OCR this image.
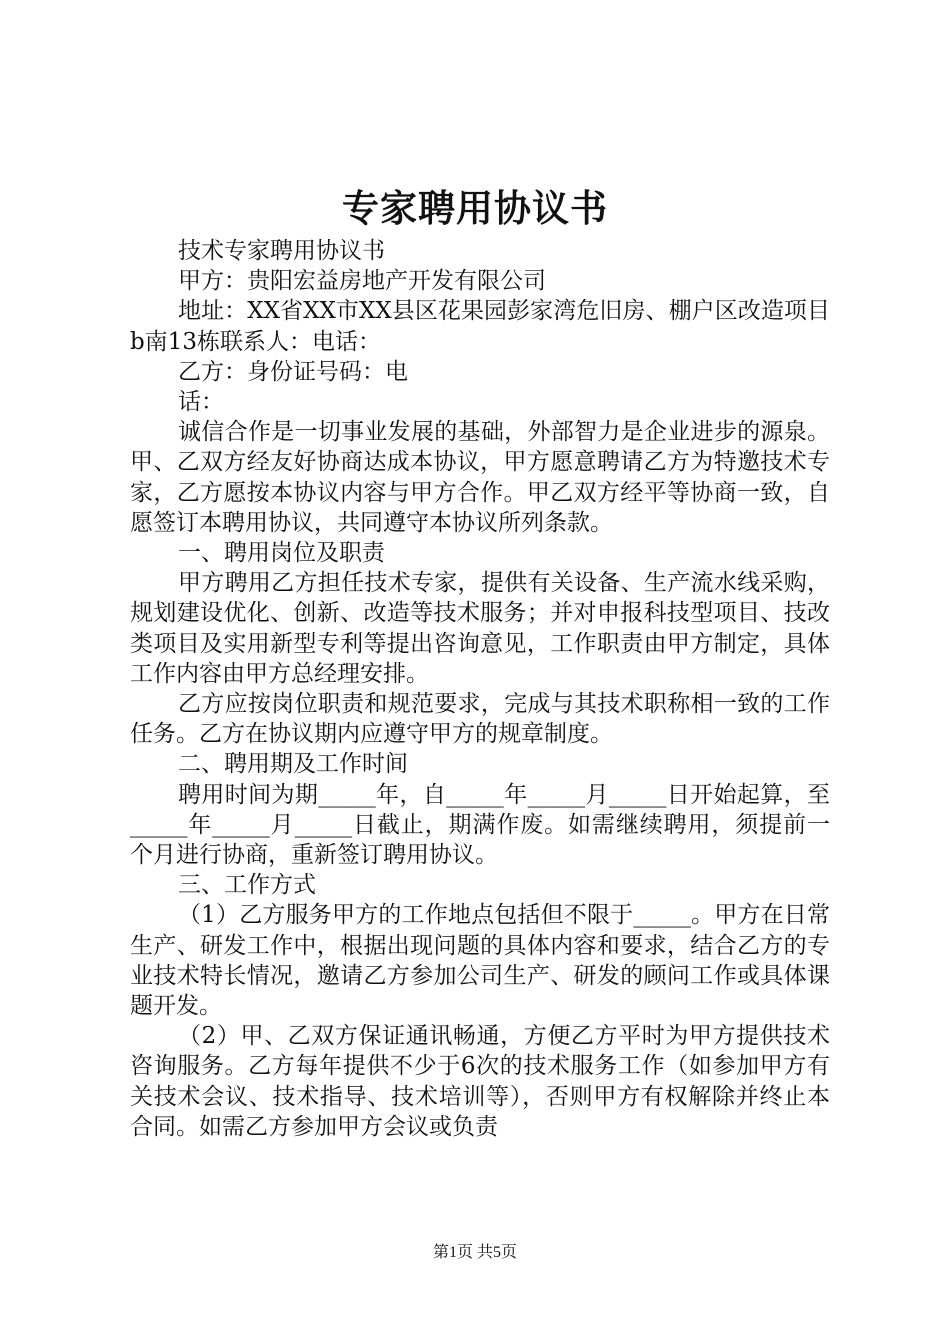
专家聘用协议书

技术专家聘用协议书

甲方：贵阳宏益房地产开发有限公司

地址：XX省XX市XX县区花果园彭家湾危旧房、棚户区改造项目b南13栋联系人：电话：

乙方：身份证号码：电

话：

诚信合作是一切事业发展的基础，外部智力是企业进步的源泉。甲、乙双方经友好协商达成本协议，甲方愿意聘请乙方为特邀技术专家，乙方愿按本协议内容与甲方合作。甲乙双方经平等协商一致，自愿签订本聘用协议，共同遵守本协议所列条款。

一、聘用岗位及职责

甲方聘用乙方担任技术专家，提供有关设备、生产流水线采购，规划建设优化、创新、改造等技术服务；并对申报科技型项目、技改类项目及实用新型专利等提出咨询意见，工作职责由甲方制定，具体工作内容由甲方总经理安排。

乙方应按岗位职责和规范要求，完成与其技术职称相一致的工作任务。乙方在协议期内应遵守甲方的规章制度。

二、聘用期及工作时间

聘用时间为期_____年，自_____年_____月_____日开始起算，至_____年_____月_____日截止，期满作废。如需继续聘用，须提前一个月进行协商，重新签订聘用协议。

三、工作方式

（1）乙方服务甲方的工作地点包括但不限于_____。甲方在日常生产、研发工作中，根据出现问题的具体内容和要求，结合乙方的专业技术特长情况，邀请乙方参加公司生产、研发的顾问工作或具体课题开发。

（2）甲、乙双方保证通讯畅通，方便乙方平时为甲方提供技术咨询服务。乙方每年提供不少于6次的技术服务工作（如参加甲方有关技术会议、技术指导、技术培训等），否则甲方有权解除并终止本合同。如需乙方参加甲方会议或负责

第1页 共5页
